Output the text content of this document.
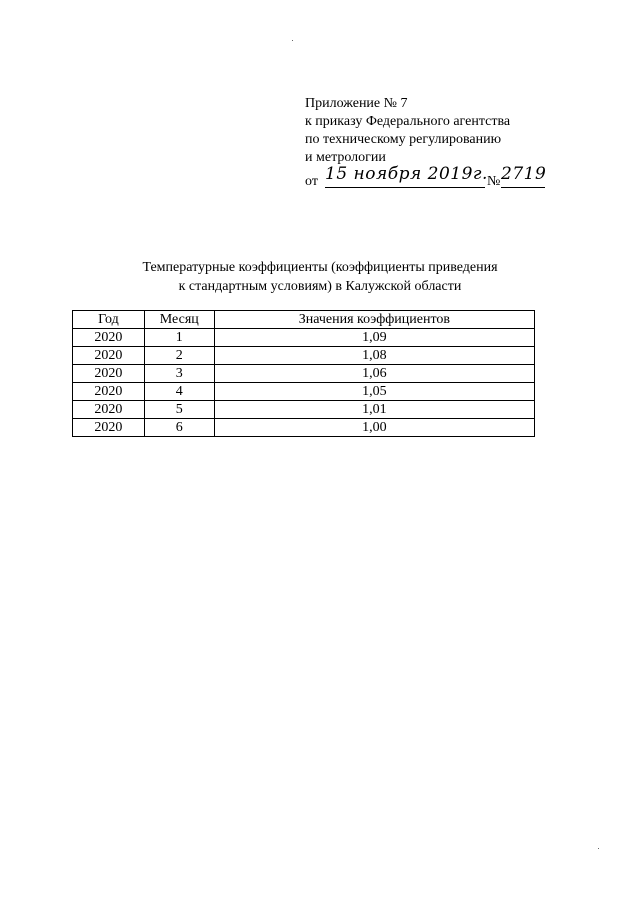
Приложение № 7
к приказу Федерального агентства
по техническому регулированию
и метрологии
от 15 ноября 2019г. № 2719
Температурные коэффициенты (коэффициенты приведения
к стандартным условиям) в Калужской области
Год	Месяц	Значения коэффициентов
2020	1	1,09
2020	2	1,08
2020	3	1,06
2020	4	1,05
2020	5	1,01
2020	6	1,00
